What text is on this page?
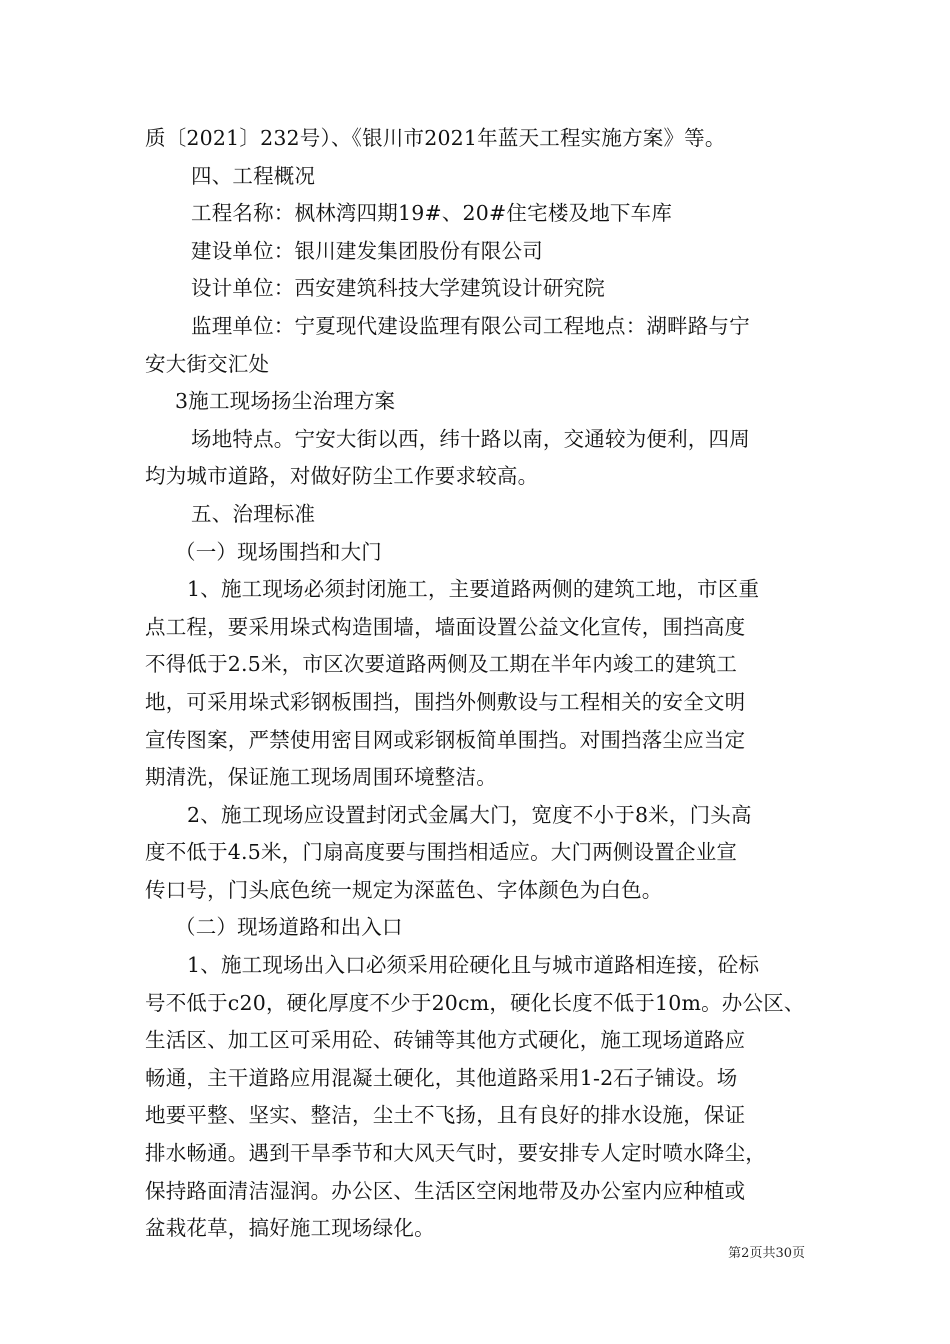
质〔2021〕232号）、《银川市2021年蓝天工程实施方案》等。
四、工程概况
工程名称：枫林湾四期19#、20#住宅楼及地下车库
建设单位：银川建发集团股份有限公司
设计单位：西安建筑科技大学建筑设计研究院
监理单位：宁夏现代建设监理有限公司工程地点：湖畔路与宁
安大街交汇处
3施工现场扬尘治理方案
场地特点。宁安大街以西，纬十路以南，交通较为便利，四周
均为城市道路，对做好防尘工作要求较高。
五、治理标准
（一）现场围挡和大门
1、施工现场必须封闭施工，主要道路两侧的建筑工地，市区重
点工程，要采用垛式构造围墙，墙面设置公益文化宣传，围挡高度
不得低于2.5米，市区次要道路两侧及工期在半年内竣工的建筑工
地，可采用垛式彩钢板围挡，围挡外侧敷设与工程相关的安全文明
宣传图案，严禁使用密目网或彩钢板简单围挡。对围挡落尘应当定
期清洗，保证施工现场周围环境整洁。
2、施工现场应设置封闭式金属大门，宽度不小于8米，门头高
度不低于4.5米，门扇高度要与围挡相适应。大门两侧设置企业宣
传口号，门头底色统一规定为深蓝色、字体颜色为白色。
（二）现场道路和出入口
1、施工现场出入口必须采用砼硬化且与城市道路相连接，砼标
号不低于c20，硬化厚度不少于20cm，硬化长度不低于10m。办公区、
生活区、加工区可采用砼、砖铺等其他方式硬化，施工现场道路应
畅通，主干道路应用混凝土硬化，其他道路采用1-2石子铺设。场
地要平整、坚实、整洁，尘土不飞扬，且有良好的排水设施，保证
排水畅通。遇到干旱季节和大风天气时，要安排专人定时喷水降尘，
保持路面清洁湿润。办公区、生活区空闲地带及办公室内应种植或
盆栽花草，搞好施工现场绿化。
第2页共30页
